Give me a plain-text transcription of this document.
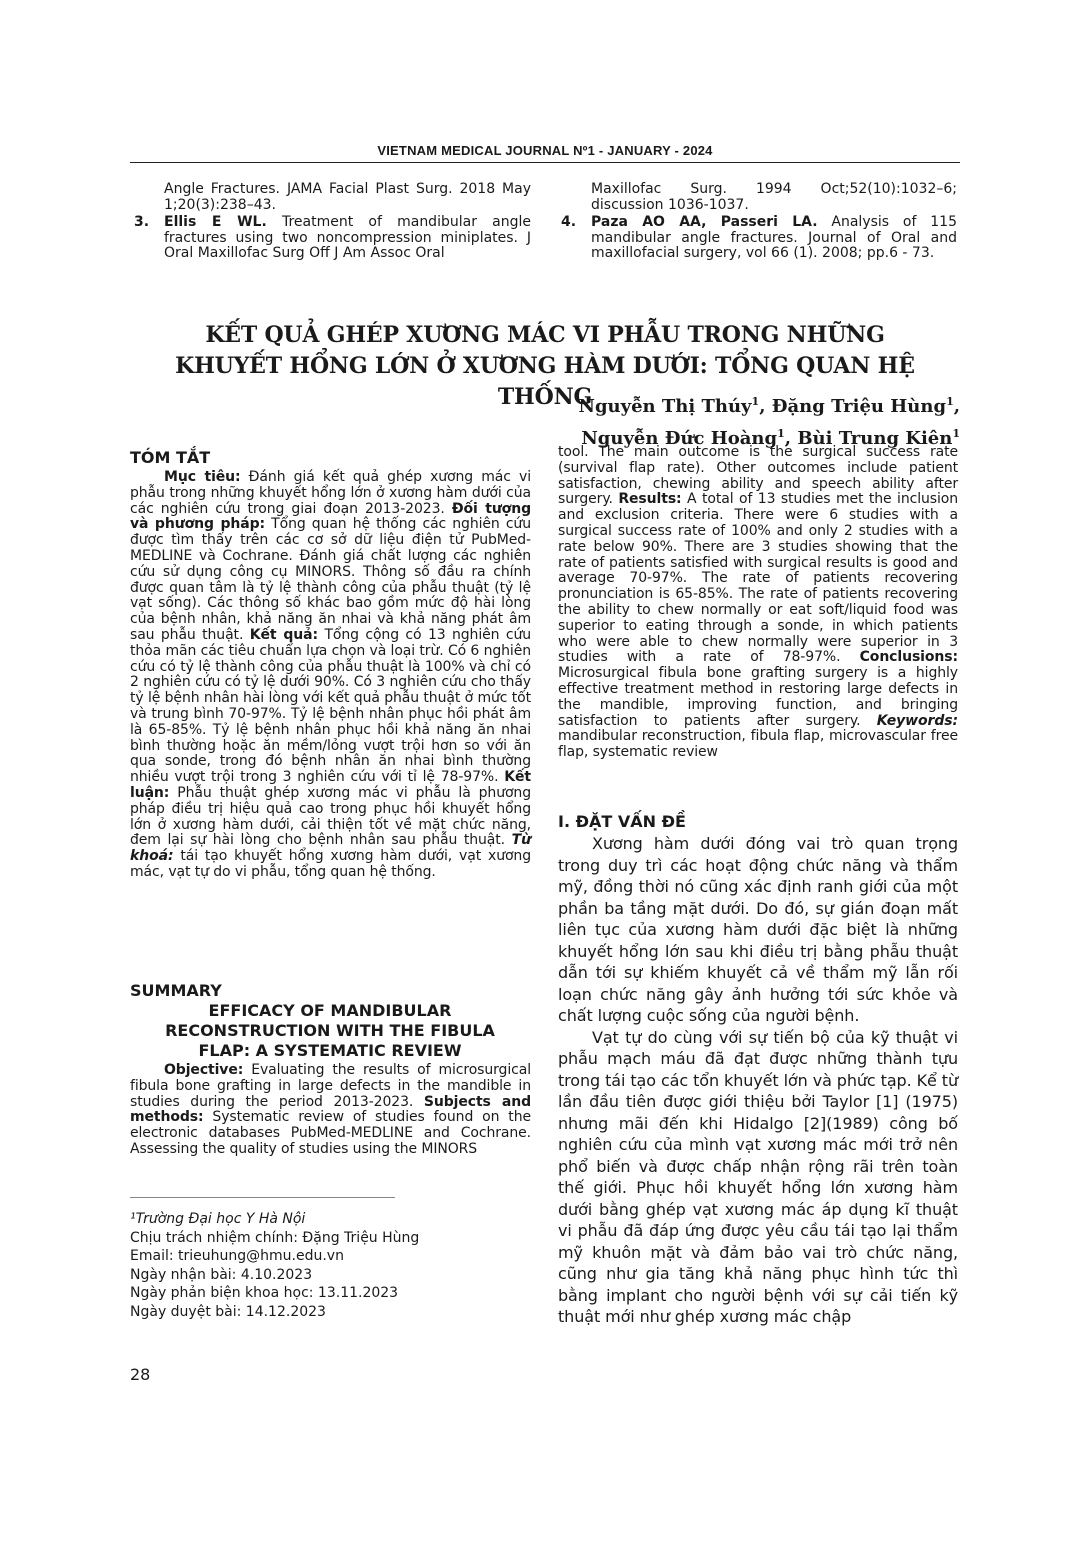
VIETNAM MEDICAL JOURNAL Nº1 - JANUARY - 2024
Angle Fractures. JAMA Facial Plast Surg. 2018 May 1;20(3):238–43.
3. Ellis E WL. Treatment of mandibular angle fractures using two noncompression miniplates. J Oral Maxillofac Surg Off J Am Assoc Oral
Maxillofac Surg. 1994 Oct;52(10):1032–6; discussion 1036-1037.
4. Paza AO AA, Passeri LA. Analysis of 115 mandibular angle fractures. Journal of Oral and maxillofacial surgery, vol 66 (1). 2008; pp.6 - 73.
KẾT QUẢ GHÉP XƯƠNG MÁC VI PHẪU TRONG NHỮNG
KHUYẾT HỔNG LỚN Ở XƯƠNG HÀM DƯỚI: TỔNG QUAN HỆ THỐNG
Nguyễn Thị Thúy$^1$, Đặng Triệu Hùng$^1$,
Nguyễn Đức Hoàng$^1$, Bùi Trung Kiên$^1$
TÓM TẮT

Mục tiêu: Đánh giá kết quả ghép xương mác vi phẫu trong những khuyết hổng lớn ở xương hàm dưới của các nghiên cứu trong giai đoạn 2013-2023. Đối tượng và phương pháp: Tổng quan hệ thống các nghiên cứu được tìm thấy trên các cơ sở dữ liệu điện tử PubMed-MEDLINE và Cochrane. Đánh giá chất lượng các nghiên cứu sử dụng công cụ MINORS. Thông số đầu ra chính được quan tâm là tỷ lệ thành công của phẫu thuật (tỷ lệ vạt sống). Các thông số khác bao gồm mức độ hài lòng của bệnh nhân, khả năng ăn nhai và khả năng phát âm sau phẫu thuật. Kết quả: Tổng cộng có 13 nghiên cứu thỏa mãn các tiêu chuẩn lựa chọn và loại trừ. Có 6 nghiên cứu có tỷ lệ thành công của phẫu thuật là 100% và chỉ có 2 nghiên cứu có tỷ lệ dưới 90%. Có 3 nghiên cứu cho thấy tỷ lệ bệnh nhân hài lòng với kết quả phẫu thuật ở mức tốt và trung bình 70-97%. Tỷ lệ bệnh nhân phục hồi phát âm là 65-85%. Tỷ lệ bệnh nhân phục hồi khả năng ăn nhai bình thường hoặc ăn mềm/lỏng vượt trội hơn so với ăn qua sonde, trong đó bệnh nhân ăn nhai bình thường nhiều vượt trội trong 3 nghiên cứu với tỉ lệ 78-97%. Kết luận: Phẫu thuật ghép xương mác vi phẫu là phương pháp điều trị hiệu quả cao trong phục hồi khuyết hổng lớn ở xương hàm dưới, cải thiện tốt về mặt chức năng, đem lại sự hài lòng cho bệnh nhân sau phẫu thuật. Từ khoá: tái tạo khuyết hổng xương hàm dưới, vạt xương mác, vạt tự do vi phẫu, tổng quan hệ thống.

SUMMARY
EFFICACY OF MANDIBULAR
RECONSTRUCTION WITH THE FIBULA
FLAP: A SYSTEMATIC REVIEW

Objective: Evaluating the results of microsurgical fibula bone grafting in large defects in the mandible in studies during the period 2013-2023. Subjects and methods: Systematic review of studies found on the electronic databases PubMed-MEDLINE and Cochrane. Assessing the quality of studies using the MINORS

¹Trường Đại học Y Hà Nội
Chịu trách nhiệm chính: Đặng Triệu Hùng
Email: trieuhung@hmu.edu.vn
Ngày nhận bài: 4.10.2023
Ngày phản biện khoa học: 13.11.2023
Ngày duyệt bài: 14.12.2023
tool. The main outcome is the surgical success rate (survival flap rate). Other outcomes include patient satisfaction, chewing ability and speech ability after surgery. Results: A total of 13 studies met the inclusion and exclusion criteria. There were 6 studies with a surgical success rate of 100% and only 2 studies with a rate below 90%. There are 3 studies showing that the rate of patients satisfied with surgical results is good and average 70-97%. The rate of patients recovering pronunciation is 65-85%. The rate of patients recovering the ability to chew normally or eat soft/liquid food was superior to eating through a sonde, in which patients who were able to chew normally were superior in 3 studies with a rate of 78-97%. Conclusions: Microsurgical fibula bone grafting surgery is a highly effective treatment method in restoring large defects in the mandible, improving function, and bringing satisfaction to patients after surgery. Keywords: mandibular reconstruction, fibula flap, microvascular free flap, systematic review
I. ĐẶT VẤN ĐỀ

Xương hàm dưới đóng vai trò quan trọng trong duy trì các hoạt động chức năng và thẩm mỹ, đồng thời nó cũng xác định ranh giới của một phần ba tầng mặt dưới. Do đó, sự gián đoạn mất liên tục của xương hàm dưới đặc biệt là những khuyết hổng lớn sau khi điều trị bằng phẫu thuật dẫn tới sự khiếm khuyết cả về thẩm mỹ lẫn rối loạn chức năng gây ảnh hưởng tới sức khỏe và chất lượng cuộc sống của người bệnh.

Vạt tự do cùng với sự tiến bộ của kỹ thuật vi phẫu mạch máu đã đạt được những thành tựu trong tái tạo các tổn khuyết lớn và phức tạp. Kể từ lần đầu tiên được giới thiệu bởi Taylor [1] (1975) nhưng mãi đến khi Hidalgo [2](1989) công bố nghiên cứu của mình vạt xương mác mới trở nên phổ biến và được chấp nhận rộng rãi trên toàn thế giới. Phục hồi khuyết hổng lớn xương hàm dưới bằng ghép vạt xương mác áp dụng kĩ thuật vi phẫu đã đáp ứng được yêu cầu tái tạo lại thẩm mỹ khuôn mặt và đảm bảo vai trò chức năng, cũng như gia tăng khả năng phục hình tức thì bằng implant cho người bệnh với sự cải tiến kỹ thuật mới như ghép xương mác chập

28
